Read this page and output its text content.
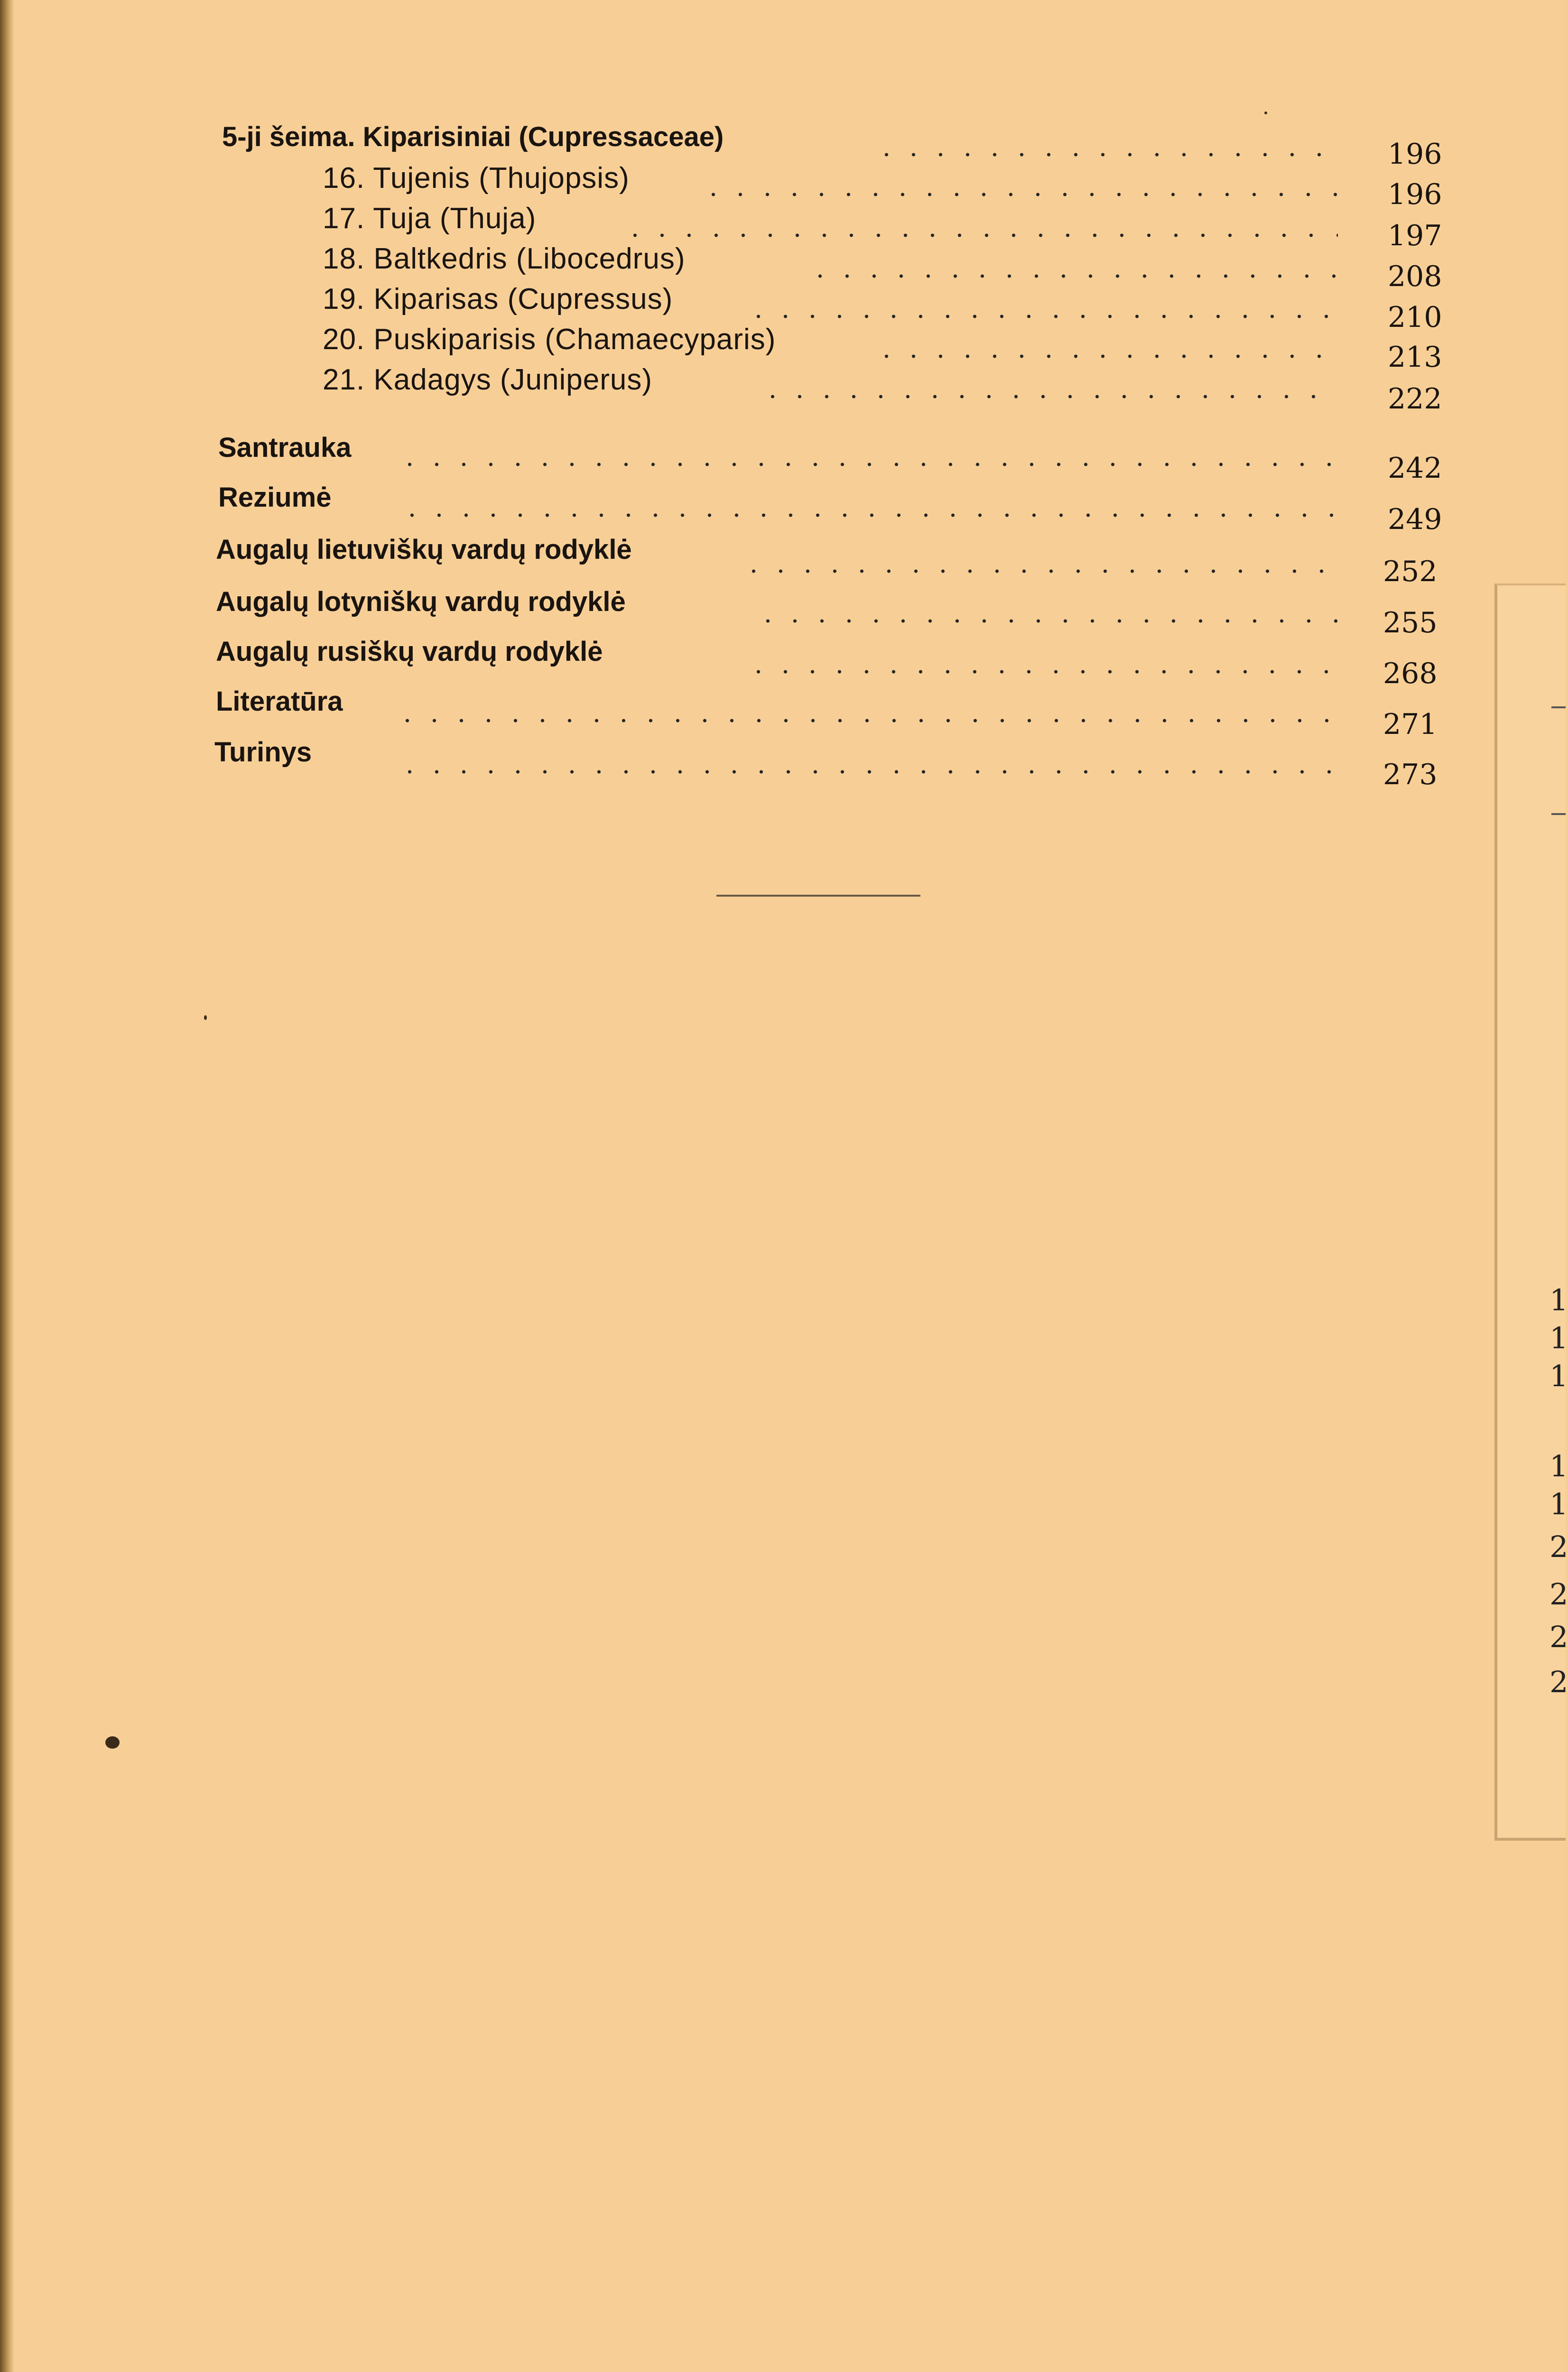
1
1
1
1
1
2
2
2
2
5-ji šeima. Kiparisiniai (Cupressaceae)
196
16. Tujenis (Thujopsis)	196
17. Tuja (Thuja)
197
18. Baltkedris (Libocedrus)
208
19. Kiparisas (Cupressus)
210
20. Puskiparisis (Chamaecyparis)
213
21. Kadagys (Juniperus)
222
Santrauka
242
Reziumė
249
Augalų lietuviškų vardų rodyklė
252
Augalų lotyniškų vardų rodyklė
255
Augalų rusiškų vardų rodyklė
268
Literatūra
271
Turinys
273
